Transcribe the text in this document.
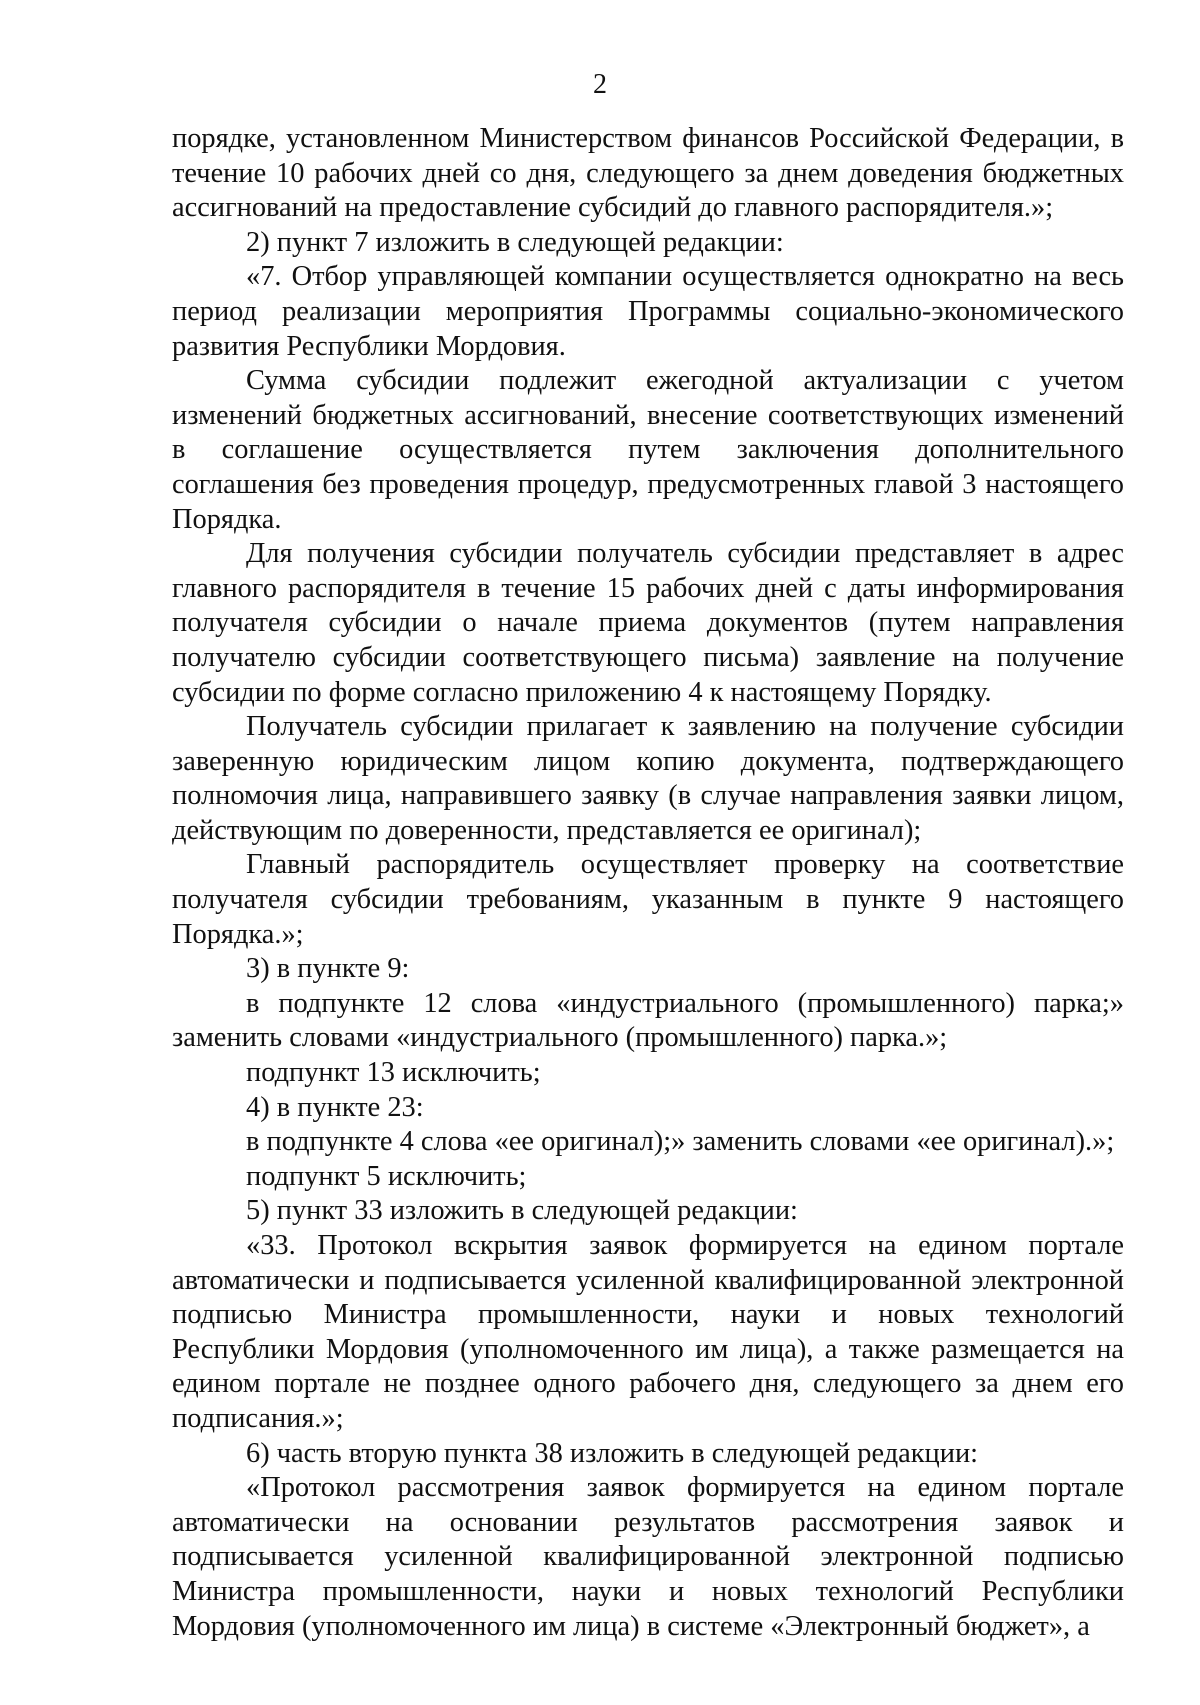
2

порядке, установленном Министерством финансов Российской Федерации, в течение 10 рабочих дней со дня, следующего за днем доведения бюджетных ассигнований на предоставление субсидий до главного распорядителя.»;

2) пункт 7 изложить в следующей редакции:

«7. Отбор управляющей компании осуществляется однократно на весь период реализации мероприятия Программы социально-экономического развития Республики Мордовия.

Сумма субсидии подлежит ежегодной актуализации с учетом изменений бюджетных ассигнований, внесение соответствующих изменений в соглашение осуществляется путем заключения дополнительного соглашения без проведения процедур, предусмотренных главой 3 настоящего Порядка.

Для получения субсидии получатель субсидии представляет в адрес главного распорядителя в течение 15 рабочих дней с даты информирования получателя субсидии о начале приема документов (путем направления получателю субсидии соответствующего письма) заявление на получение субсидии по форме согласно приложению 4 к настоящему Порядку.

Получатель субсидии прилагает к заявлению на получение субсидии заверенную юридическим лицом копию документа, подтверждающего полномочия лица, направившего заявку (в случае направления заявки лицом, действующим по доверенности, представляется ее оригинал);

Главный распорядитель осуществляет проверку на соответствие получателя субсидии требованиям, указанным в пункте 9 настоящего Порядка.»;

3) в пункте 9:

в подпункте 12 слова «индустриального (промышленного) парка;» заменить словами «индустриального (промышленного) парка.»;

подпункт 13 исключить;

4) в пункте 23:

в подпункте 4 слова «ее оригинал);» заменить словами «ее оригинал).»;

подпункт 5 исключить;

5) пункт 33 изложить в следующей редакции:

«33. Протокол вскрытия заявок формируется на едином портале автоматически и подписывается усиленной квалифицированной электронной подписью Министра промышленности, науки и новых технологий Республики Мордовия (уполномоченного им лица), а также размещается на едином портале не позднее одного рабочего дня, следующего за днем его подписания.»;

6) часть вторую пункта 38 изложить в следующей редакции:

«Протокол рассмотрения заявок формируется на едином портале автоматически на основании результатов рассмотрения заявок и подписывается усиленной квалифицированной электронной подписью Министра промышленности, науки и новых технологий Республики Мордовия (уполномоченного им лица) в системе «Электронный бюджет», а
